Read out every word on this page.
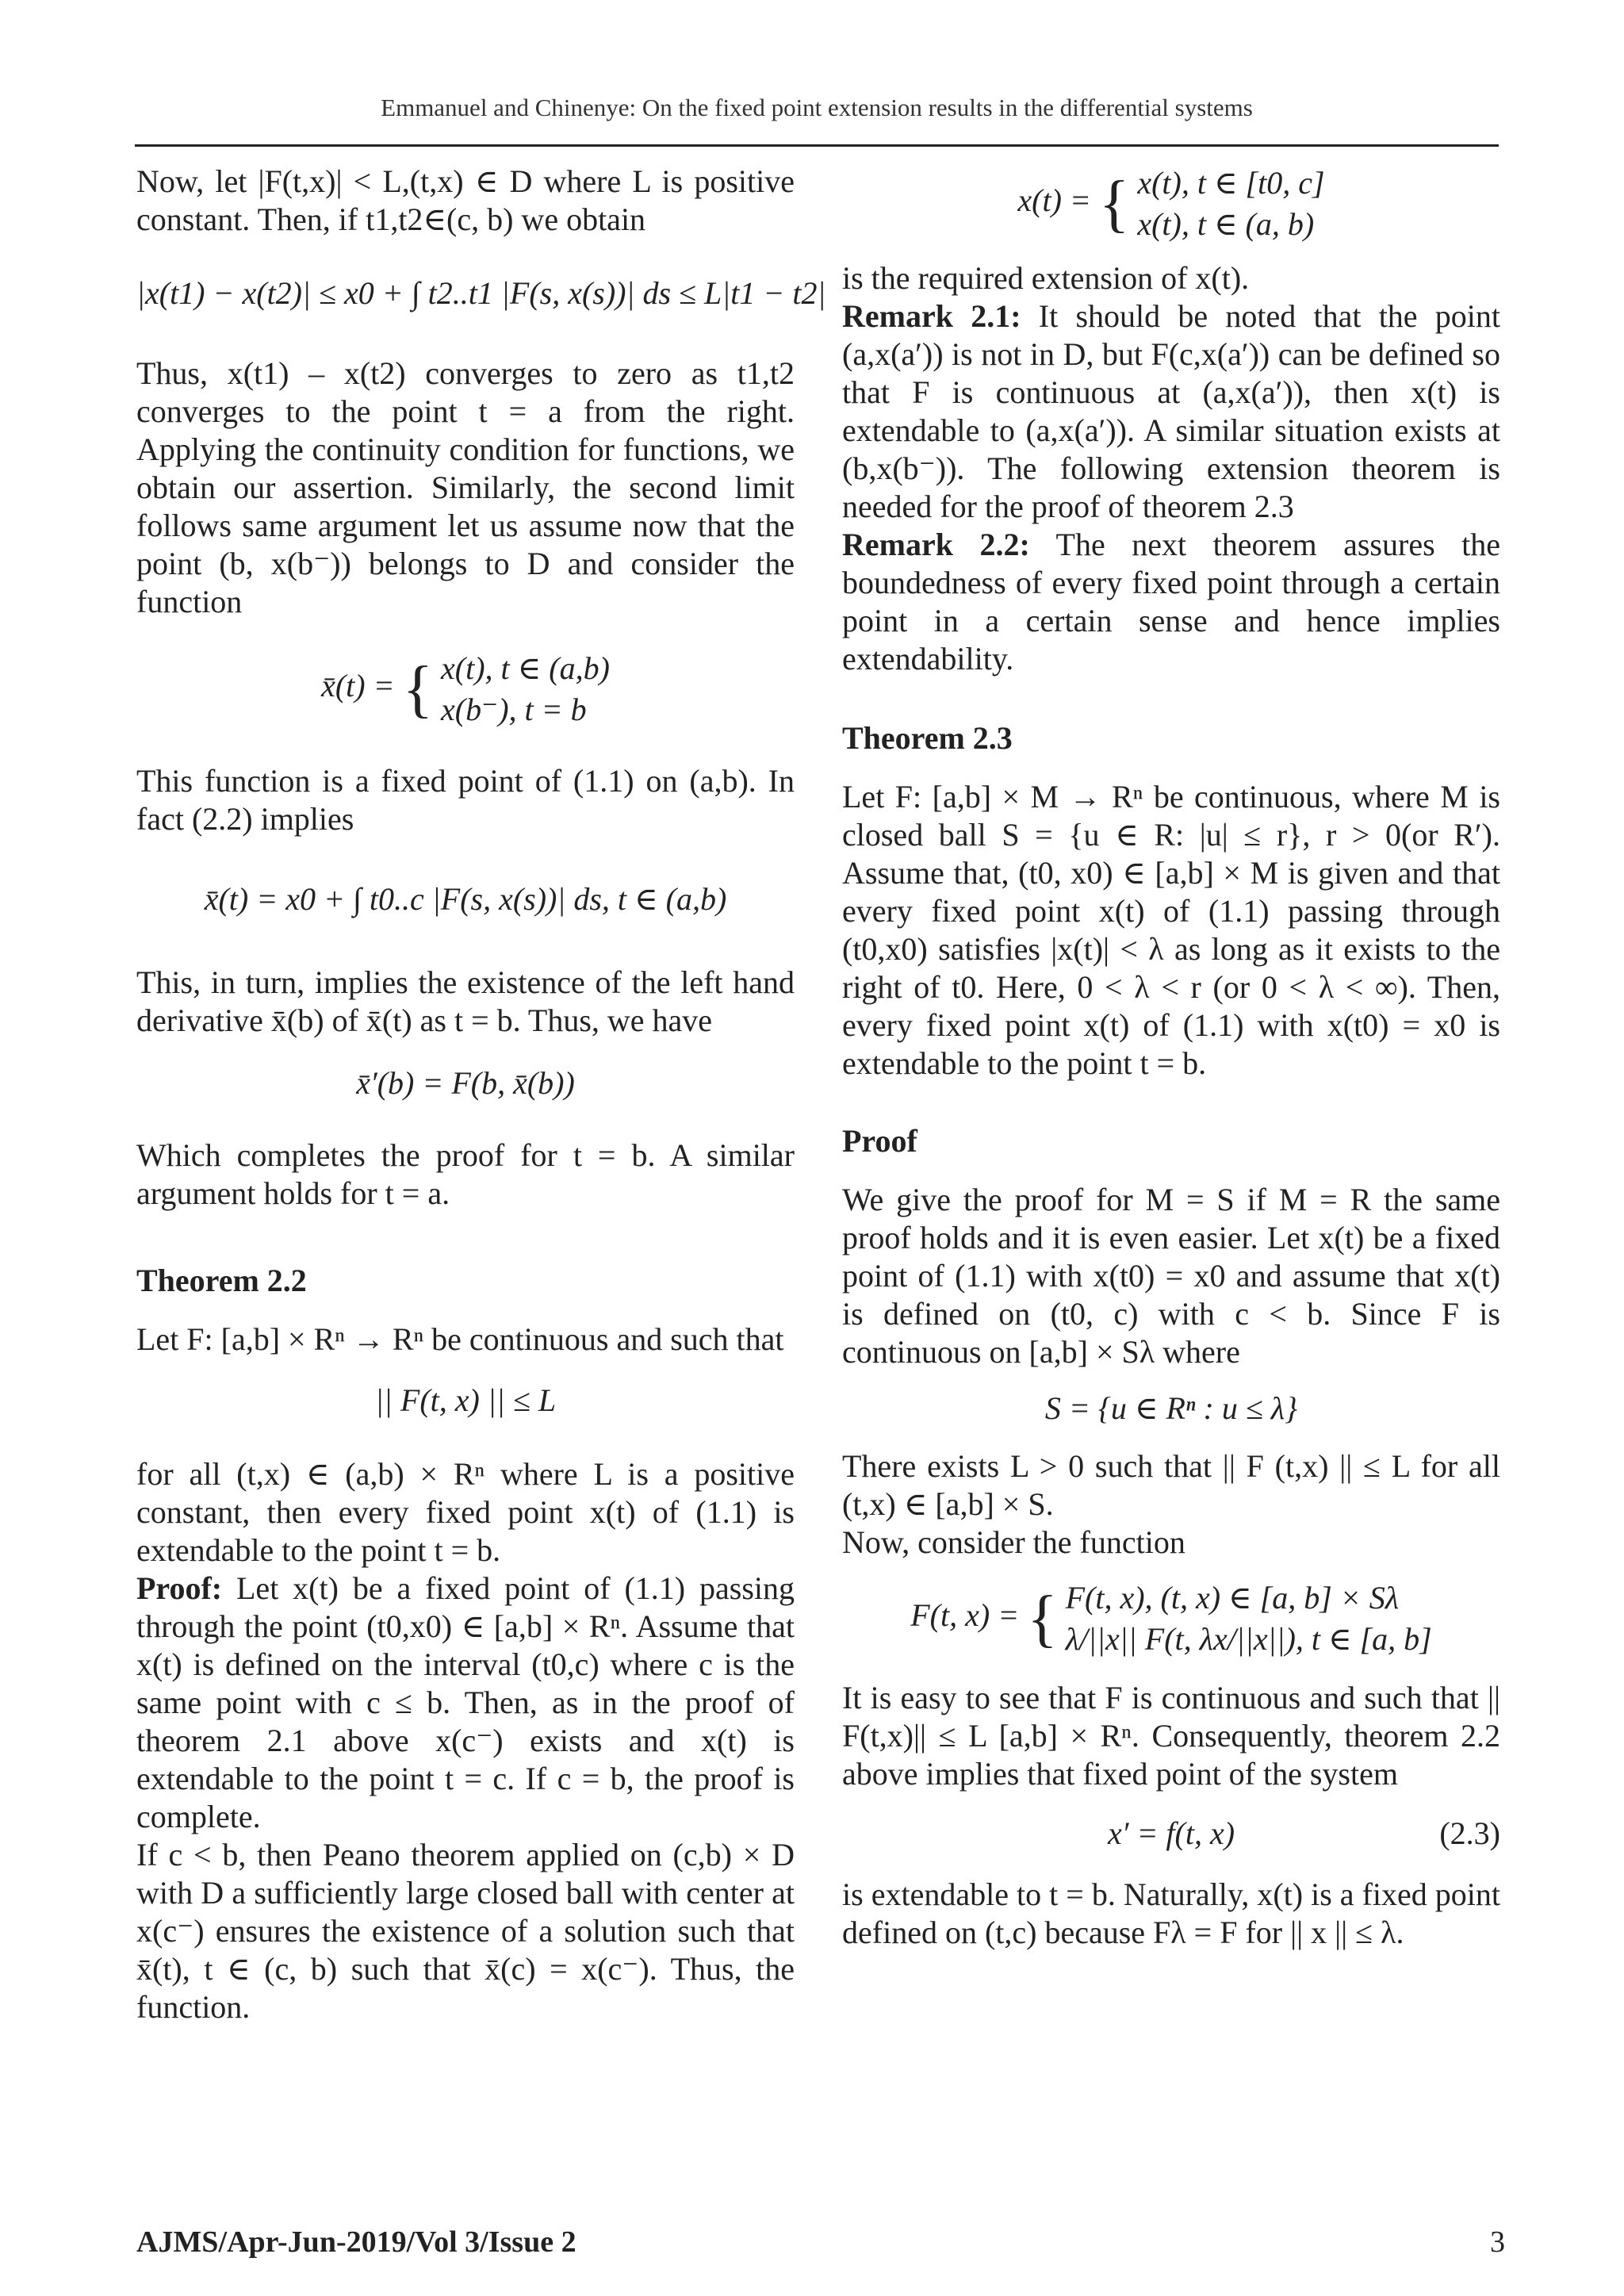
Emmanuel and Chinenye: On the fixed point extension results in the differential systems

Now, let |F(t,x)| < L,(t,x) ∈ D where L is positive constant. Then, if t1,t2∈(c, b) we obtain

|x(t1) − x(t2)| ≤ x0 + ∫ t2..t1 |F(s, x(s))| ds ≤ L|t1 − t2|

Thus, x(t1) – x(t2) converges to zero as t1,t2 converges to the point t = a from the right. Applying the continuity condition for functions, we obtain our assertion. Similarly, the second limit follows same argument let us assume now that the point (b, x(b⁻)) belongs to D and consider the function

x̄(t) = { x(t), t ∈ (a,b)
x(b⁻), t = b

This function is a fixed point of (1.1) on (a,b). In fact (2.2) implies

x̄(t) = x0 + ∫ t0..c |F(s, x(s))| ds, t ∈ (a,b)

This, in turn, implies the existence of the left hand derivative x̄(b) of x̄(t) as t = b. Thus, we have

x̄′(b) = F(b, x̄(b))

Which completes the proof for t = b. A similar argument holds for t = a.

Theorem 2.2

Let F: [a,b] × Rⁿ → Rⁿ be continuous and such that

|| F(t, x) || ≤ L

for all (t,x) ∈ (a,b) × Rⁿ where L is a positive constant, then every fixed point x(t) of (1.1) is extendable to the point t = b.

Proof: Let x(t) be a fixed point of (1.1) passing through the point (t0,x0) ∈ [a,b] × Rⁿ. Assume that x(t) is defined on the interval (t0,c) where c is the same point with c ≤ b. Then, as in the proof of theorem 2.1 above x(c⁻) exists and x(t) is extendable to the point t = c. If c = b, the proof is complete.

If c < b, then Peano theorem applied on (c,b) × D with D a sufficiently large closed ball with center at x(c⁻) ensures the existence of a solution such that x̄(t), t ∈ (c, b) such that x̄(c) = x(c⁻). Thus, the function.

x(t) = { x(t), t ∈ [t0, c]
x(t), t ∈ (a, b)

is the required extension of x(t).

Remark 2.1: It should be noted that the point (a,x(a′)) is not in D, but F(c,x(a′)) can be defined so that F is continuous at (a,x(a′)), then x(t) is extendable to (a,x(a′)). A similar situation exists at (b,x(b⁻)). The following extension theorem is needed for the proof of theorem 2.3

Remark 2.2: The next theorem assures the boundedness of every fixed point through a certain point in a certain sense and hence implies extendability.

Theorem 2.3

Let F: [a,b] × M → Rⁿ be continuous, where M is closed ball S = {u ∈ R: |u| ≤ r}, r > 0(or R′). Assume that, (t0, x0) ∈ [a,b] × M is given and that every fixed point x(t) of (1.1) passing through (t0,x0) satisfies |x(t)| < λ as long as it exists to the right of t0. Here, 0 < λ < r (or 0 < λ < ∞). Then, every fixed point x(t) of (1.1) with x(t0) = x0 is extendable to the point t = b.

Proof

We give the proof for M = S if M = R the same proof holds and it is even easier. Let x(t) be a fixed point of (1.1) with x(t0) = x0 and assume that x(t) is defined on (t0, c) with c < b. Since F is continuous on [a,b] × Sλ where

S = {u ∈ Rⁿ : u ≤ λ}

There exists L > 0 such that || F (t,x) || ≤ L for all (t,x) ∈ [a,b] × S.

Now, consider the function

F(t, x) = { F(t, x), (t, x) ∈ [a, b] × Sλ
λ/||x|| F(t, λx/||x||), t ∈ [a, b]

It is easy to see that F is continuous and such that || F(t,x)|| ≤ L [a,b] × Rⁿ. Consequently, theorem 2.2 above implies that fixed point of the system

x′ = f(t, x)	(2.3)

is extendable to t = b. Naturally, x(t) is a fixed point defined on (t,c) because Fλ = F for || x || ≤ λ.

AJMS/Apr-Jun-2019/Vol 3/Issue 2	3
